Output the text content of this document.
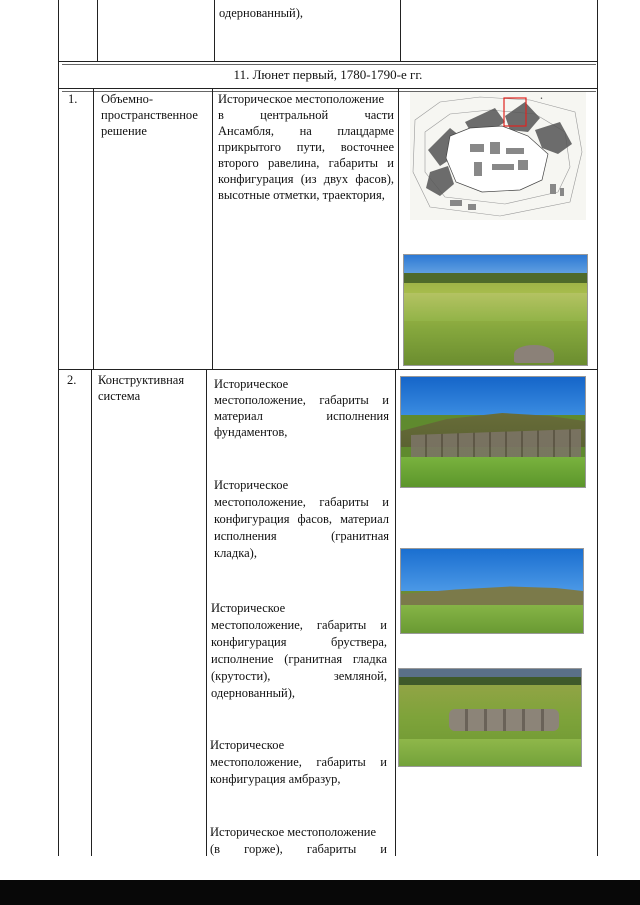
одернованный),
11. Люнет первый, 1780-1790-е гг.
1. Объемно-
пространственное
решение
Историческое местоположение
в центральной части
Ансамбля, на плацдарме
прикрытого пути, восточнее
второго равелина, габариты и
конфигурация (из двух фасов),
высотные отметки, траектория,
•
2. Конструктивная
система
Историческое
местоположение, габариты и
материал исполнения
фундаментов,
Историческое
местоположение, габариты и
конфигурация фасов, материал
исполнения (гранитная
кладка),
Историческое
местоположение, габариты и
конфигурация бруствера,
исполнение (гранитная гладка
(крутости), земляной,
одернованный),
Историческое
местоположение, габариты и
конфигурация амбразур,
Историческое местоположение
(в горже), габариты и
